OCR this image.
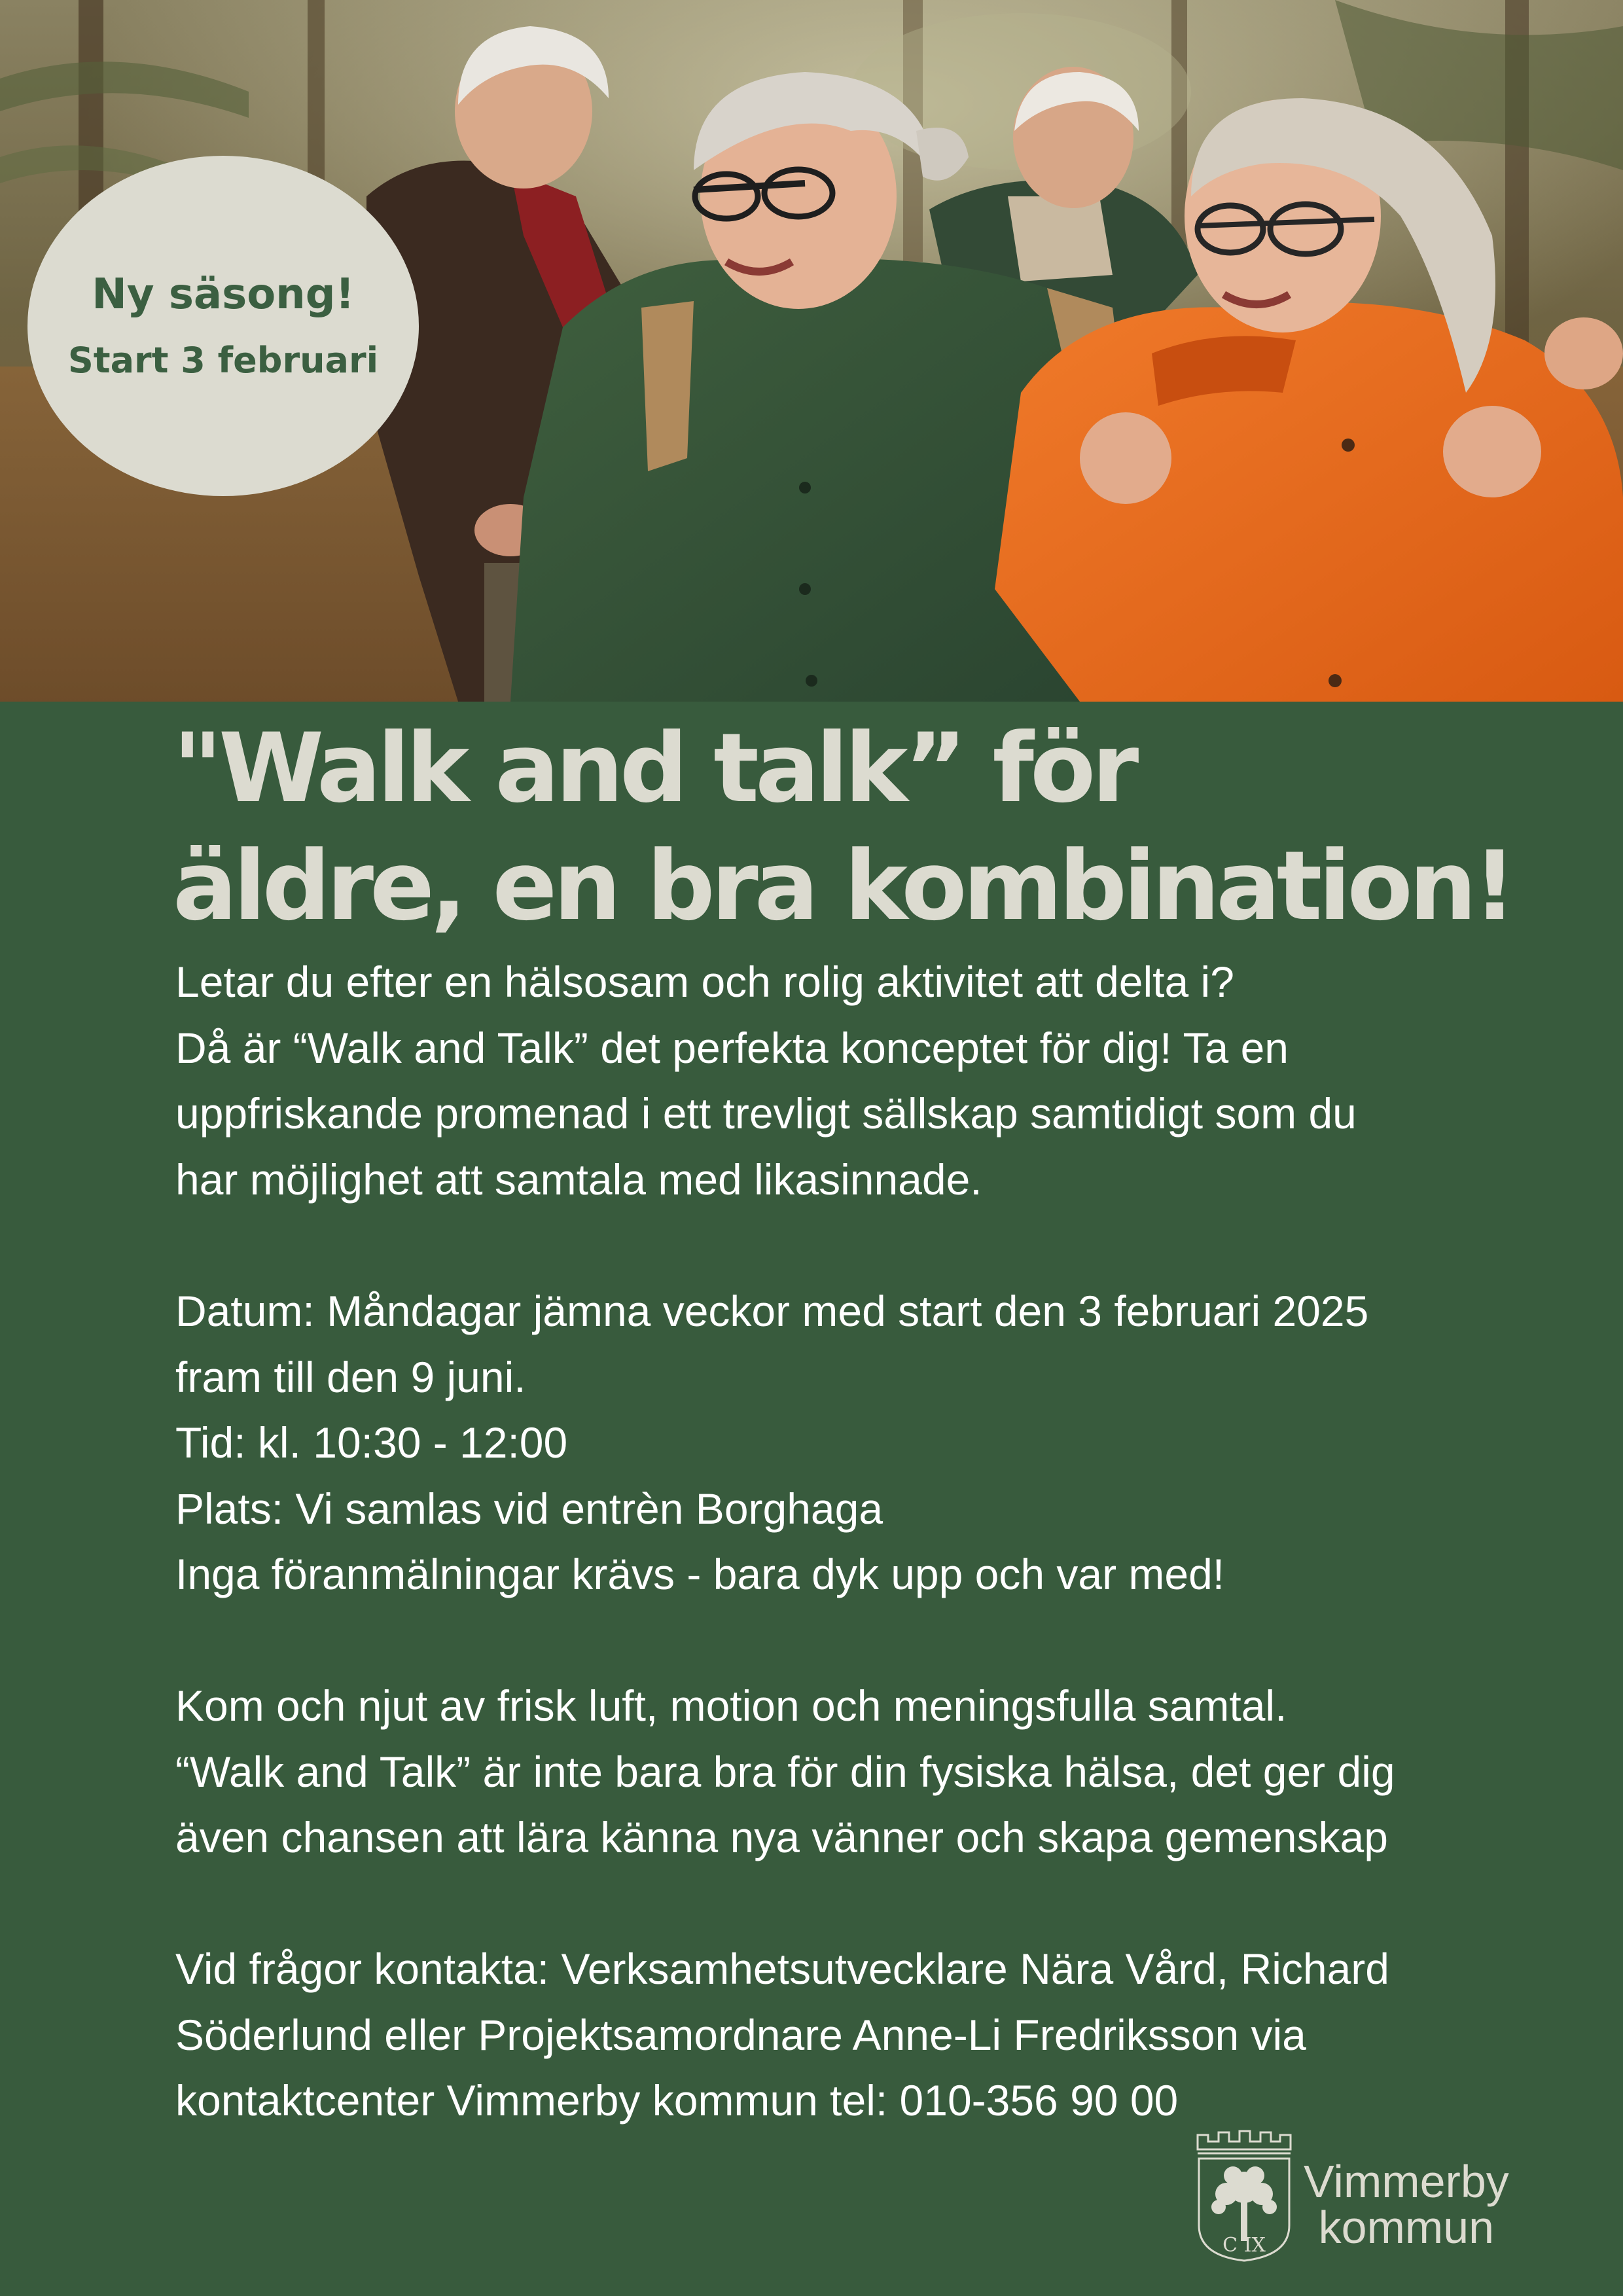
Ny säsong!
Start 3 februari
"Walk and talk” för
äldre, en bra kombination!
Letar du efter en hälsosam och rolig aktivitet att delta i?
Då är “Walk and Talk” det perfekta konceptet för dig! Ta en
uppfriskande promenad i ett trevligt sällskap samtidigt som du
har möjlighet att samtala med likasinnade.
Datum: Måndagar jämna veckor med start den 3 februari 2025
fram till den 9 juni.
Tid: kl. 10:30 - 12:00
Plats: Vi samlas vid entrèn Borghaga
Inga föranmälningar krävs - bara dyk upp och var med!
Kom och njut av frisk luft, motion och meningsfulla samtal.
“Walk and Talk” är inte bara bra för din fysiska hälsa, det ger dig
även chansen att lära känna nya vänner och skapa gemenskap
Vid frågor kontakta: Verksamhetsutvecklare Nära Vård, Richard
Söderlund eller Projektsamordnare Anne-Li Fredriksson via
kontaktcenter Vimmerby kommun tel: 010-356 90 00
C IX
Vimmerby
kommun
